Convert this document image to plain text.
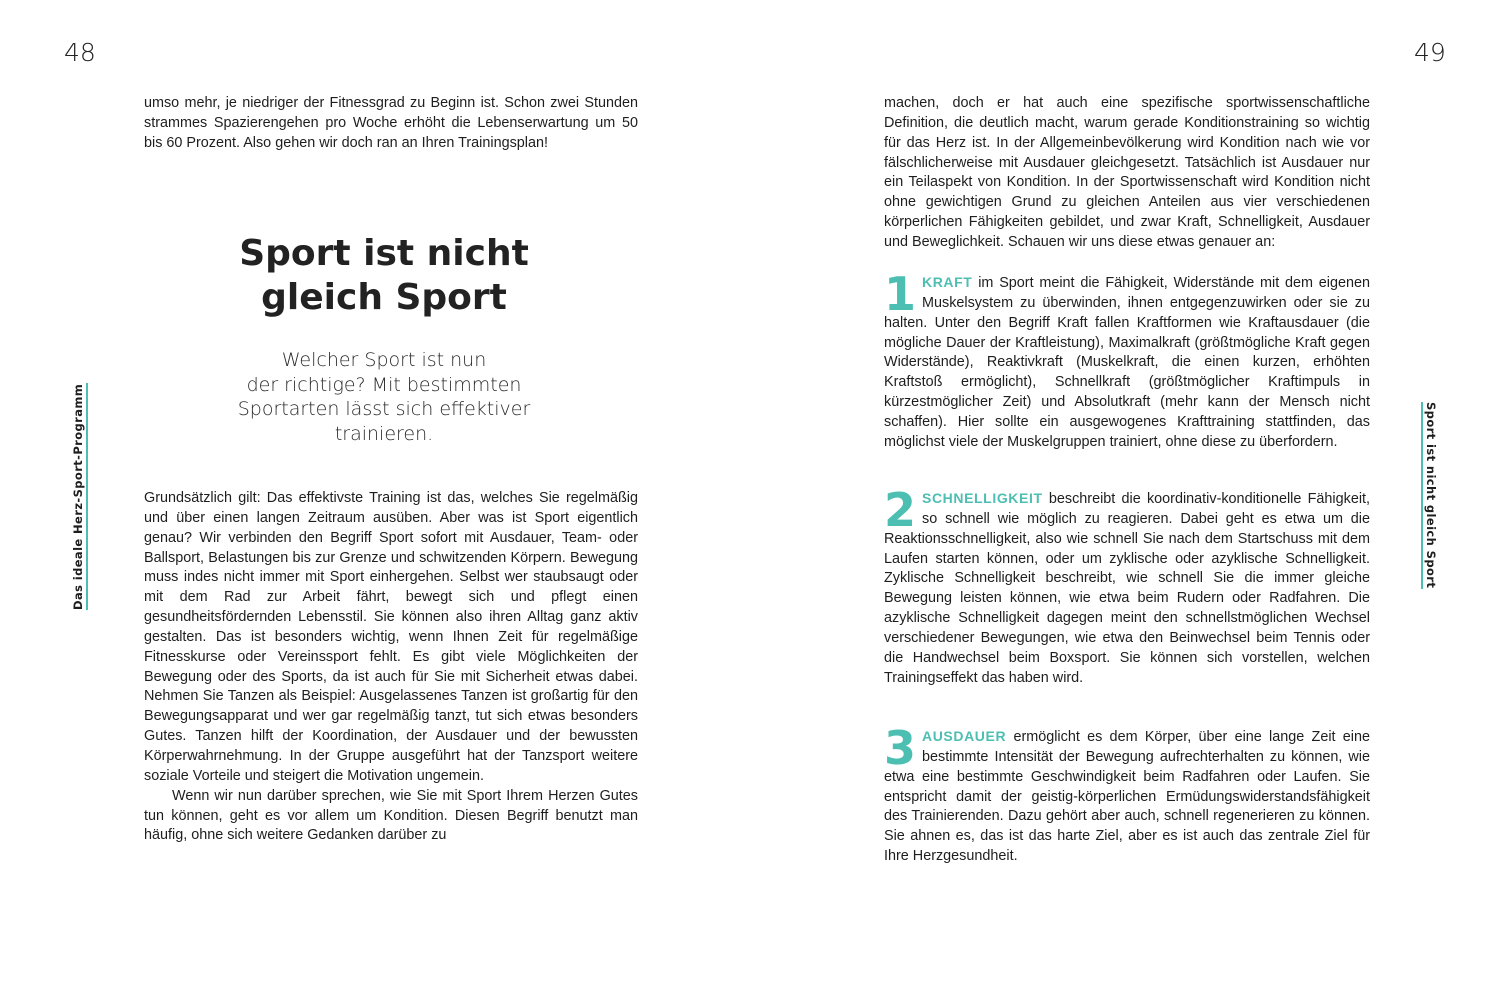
48	49
Das ideale Herz-Sport-Programm	Sport ist nicht gleich Sport

umso mehr, je niedriger der Fitnessgrad zu Beginn ist. Schon zwei Stunden strammes Spazierengehen pro Woche erhöht die Lebenserwartung um 50 bis 60 Prozent. Also gehen wir doch ran an Ihren Trainingsplan!

Sport ist nicht
gleich Sport
Welcher Sport ist nun
der richtige? Mit bestimmten
Sportarten lässt sich effektiver
trainieren.

Grundsätzlich gilt: Das effektivste Training ist das, welches Sie regelmäßig und über einen langen Zeitraum ausüben. Aber was ist Sport eigentlich genau? Wir verbinden den Begriff Sport sofort mit Ausdauer, Team- oder Ballsport, Belastungen bis zur Grenze und schwitzenden Körpern. Bewegung muss indes nicht immer mit Sport einhergehen. Selbst wer staubsaugt oder mit dem Rad zur Arbeit fährt, bewegt sich und pflegt einen gesundheitsfördernden Lebensstil. Sie können also ihren Alltag ganz aktiv gestalten. Das ist besonders wichtig, wenn Ihnen Zeit für regelmäßige Fitnesskurse oder Vereinssport fehlt. Es gibt viele Möglichkeiten der Bewegung oder des Sports, da ist auch für Sie mit Sicherheit etwas dabei. Nehmen Sie Tanzen als Beispiel: Ausgelassenes Tanzen ist großartig für den Bewegungsapparat und wer gar regelmäßig tanzt, tut sich etwas besonders Gutes. Tanzen hilft der Koordination, der Ausdauer und der bewussten Körperwahrnehmung. In der Gruppe ausgeführt hat der Tanzsport weitere soziale Vorteile und steigert die Motivation ungemein.

Wenn wir nun darüber sprechen, wie Sie mit Sport Ihrem Herzen Gutes tun können, geht es vor allem um Kondition. Diesen Begriff benutzt man häufig, ohne sich weitere Gedanken darüber zu

machen, doch er hat auch eine spezifische sportwissenschaftliche Definition, die deutlich macht, warum gerade Konditionstraining so wichtig für das Herz ist. In der Allgemeinbevölkerung wird Kondition nach wie vor fälschlicherweise mit Ausdauer gleichgesetzt. Tatsächlich ist Ausdauer nur ein Teilaspekt von Kondition. In der Sportwissenschaft wird Kondition nicht ohne gewichtigen Grund zu gleichen Anteilen aus vier verschiedenen körperlichen Fähigkeiten gebildet, und zwar Kraft, Schnelligkeit, Ausdauer und Beweglichkeit. Schauen wir uns diese etwas genauer an:

1 KRAFT im Sport meint die Fähigkeit, Widerstände mit dem eigenen Muskelsystem zu überwinden, ihnen entgegenzuwirken oder sie zu halten. Unter den Begriff Kraft fallen Kraftformen wie Kraftausdauer (die mögliche Dauer der Kraftleistung), Maximalkraft (größtmögliche Kraft gegen Widerstände), Reaktivkraft (Muskelkraft, die einen kurzen, erhöhten Kraftstoß ermöglicht), Schnellkraft (größtmöglicher Kraftimpuls in kürzestmöglicher Zeit) und Absolutkraft (mehr kann der Mensch nicht schaffen). Hier sollte ein ausgewogenes Krafttraining stattfinden, das möglichst viele der Muskelgruppen trainiert, ohne diese zu überfordern.

2 SCHNELLIGKEIT beschreibt die koordinativ-konditionelle Fähigkeit, so schnell wie möglich zu reagieren. Dabei geht es etwa um die Reaktionsschnelligkeit, also wie schnell Sie nach dem Startschuss mit dem Laufen starten können, oder um zyklische oder azyklische Schnelligkeit. Zyklische Schnelligkeit beschreibt, wie schnell Sie die immer gleiche Bewegung leisten können, wie etwa beim Rudern oder Radfahren. Die azyklische Schnelligkeit dagegen meint den schnellstmöglichen Wechsel verschiedener Bewegungen, wie etwa den Beinwechsel beim Tennis oder die Handwechsel beim Boxsport. Sie können sich vorstellen, welchen Trainingseffekt das haben wird.

3 AUSDAUER ermöglicht es dem Körper, über eine lange Zeit eine bestimmte Intensität der Bewegung aufrechterhalten zu können, wie etwa eine bestimmte Geschwindigkeit beim Radfahren oder Laufen. Sie entspricht damit der geistig-körperlichen Ermüdungswiderstandsfähigkeit des Trainierenden. Dazu gehört aber auch, schnell regenerieren zu können. Sie ahnen es, das ist das harte Ziel, aber es ist auch das zentrale Ziel für Ihre Herzgesundheit.
